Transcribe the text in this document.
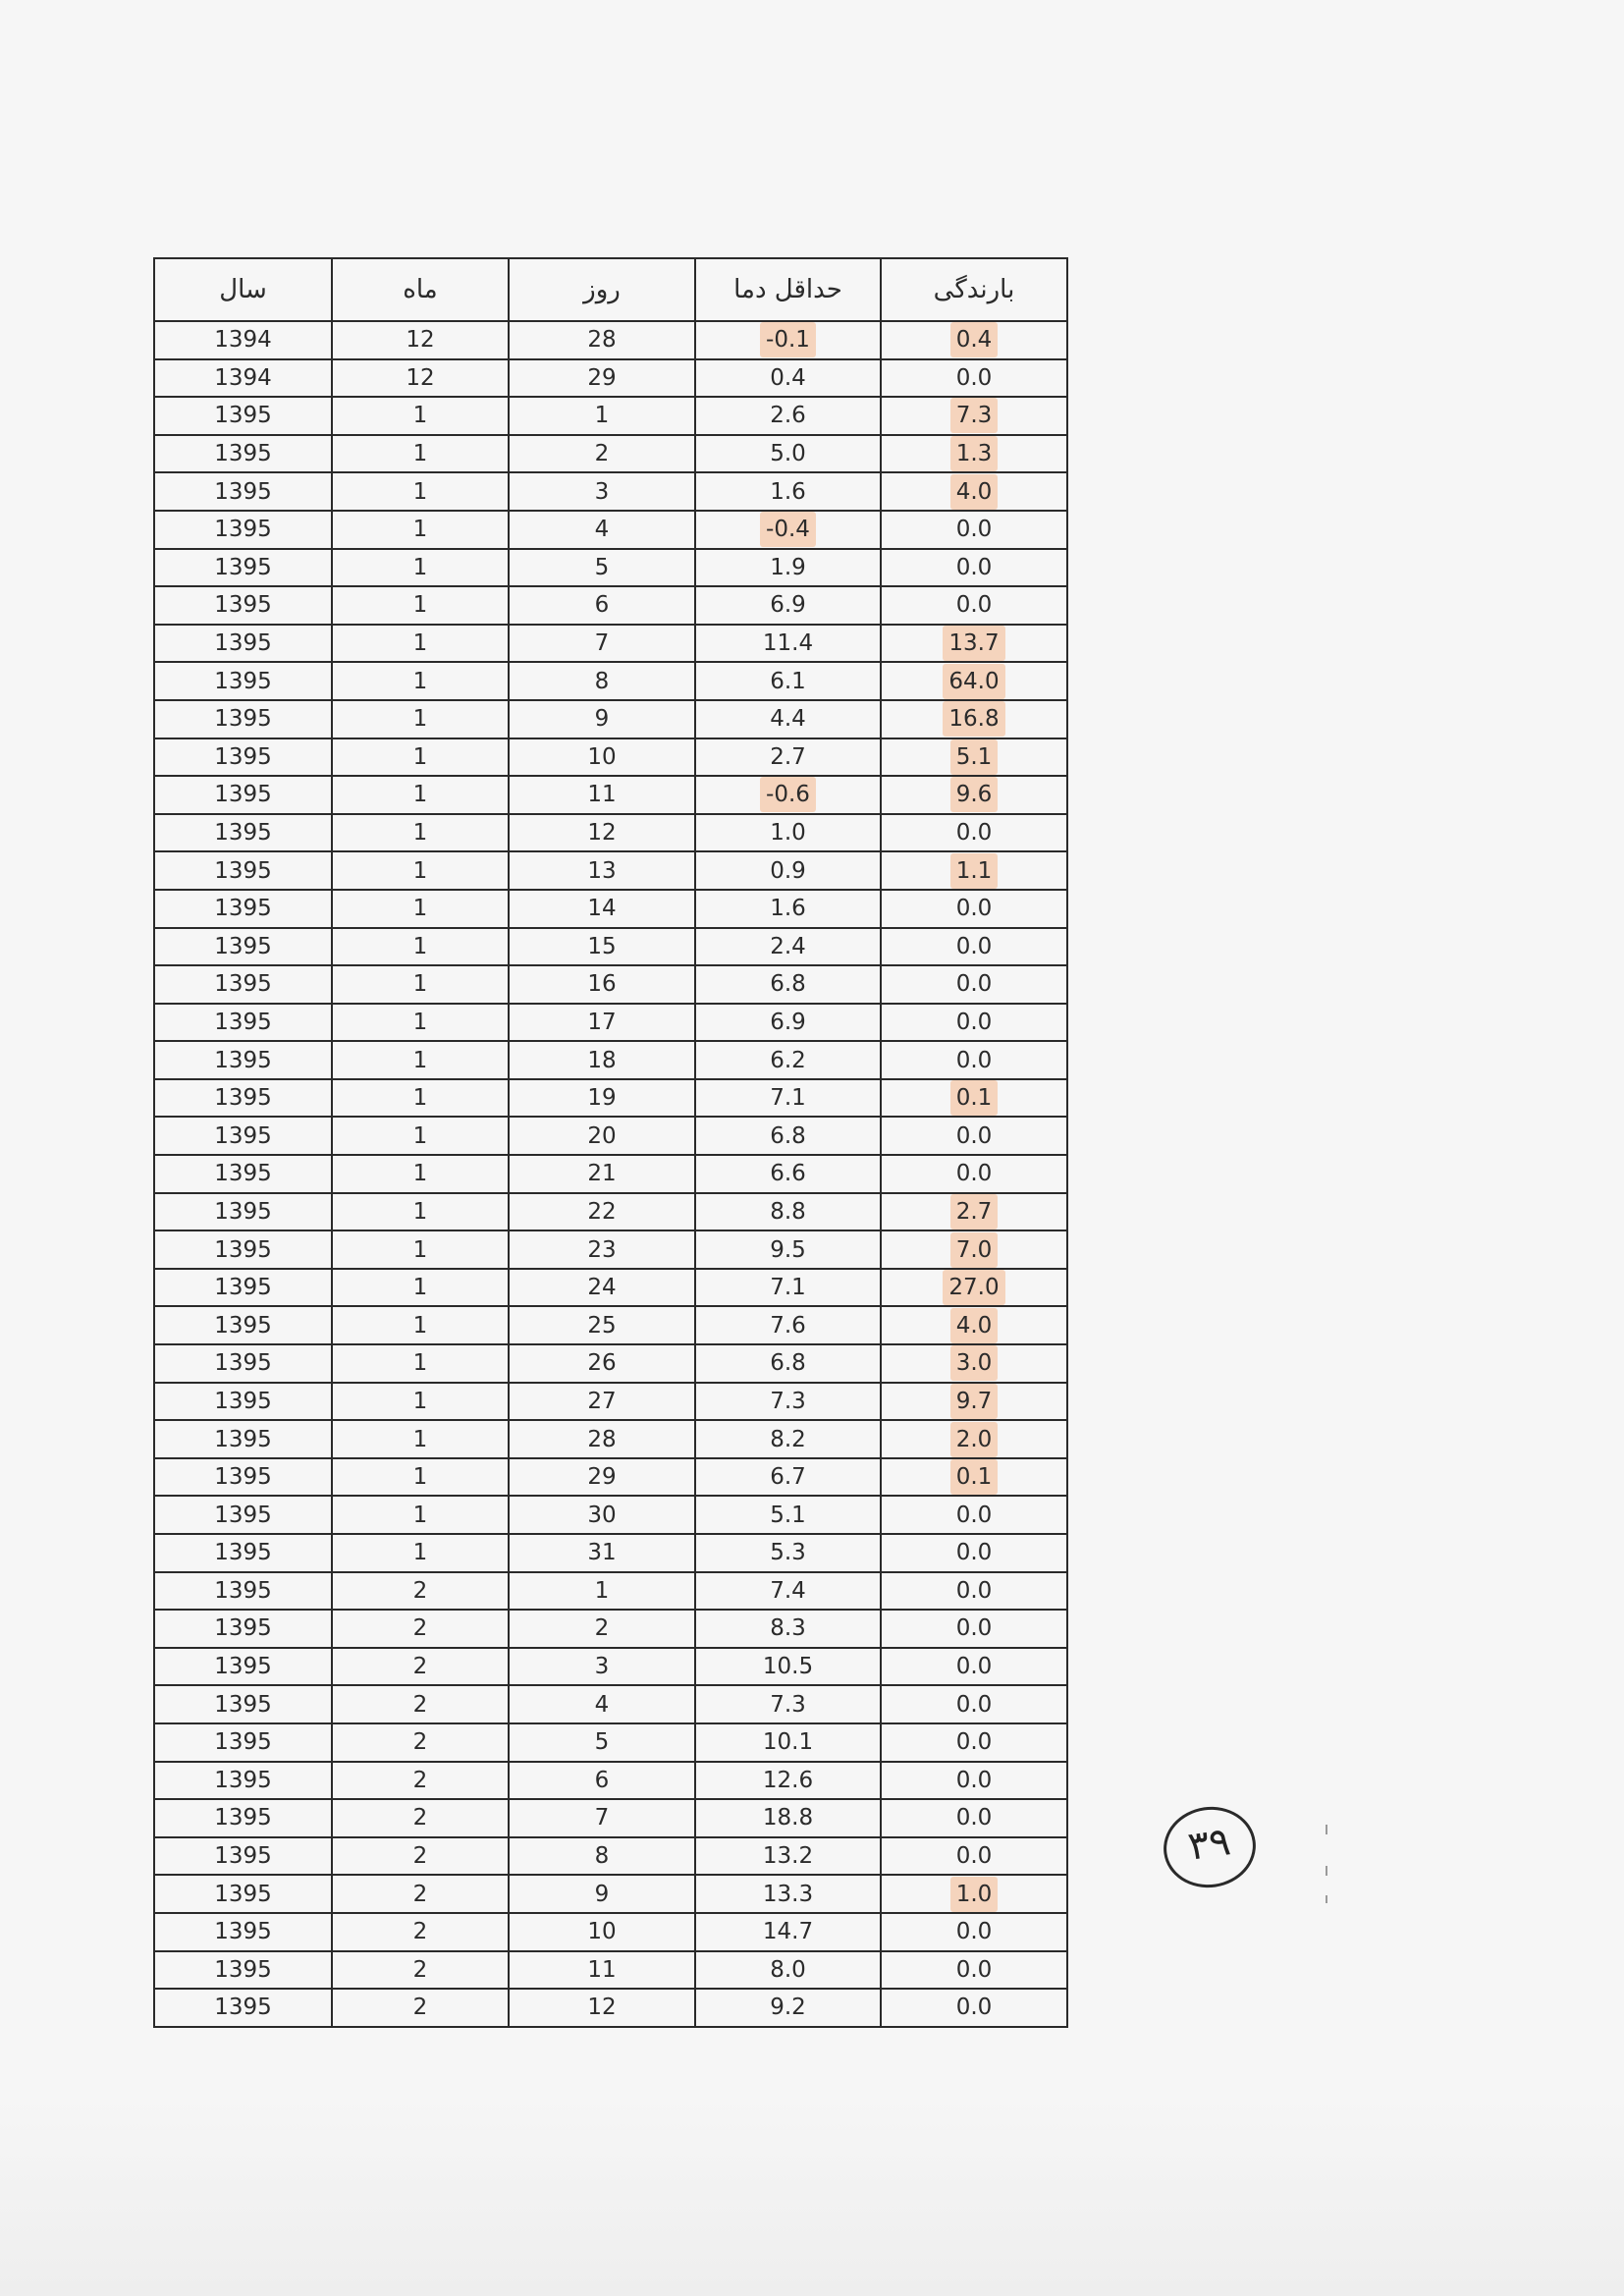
سال	ماه	روز	حداقل دما	بارندگی
1394	12	28	-0.1	0.4
1394	12	29	0.4	0.0
1395	1	1	2.6	7.3
1395	1	2	5.0	1.3
1395	1	3	1.6	4.0
1395	1	4	-0.4	0.0
1395	1	5	1.9	0.0
1395	1	6	6.9	0.0
1395	1	7	11.4	13.7
1395	1	8	6.1	64.0
1395	1	9	4.4	16.8
1395	1	10	2.7	5.1
1395	1	11	-0.6	9.6
1395	1	12	1.0	0.0
1395	1	13	0.9	1.1
1395	1	14	1.6	0.0
1395	1	15	2.4	0.0
1395	1	16	6.8	0.0
1395	1	17	6.9	0.0
1395	1	18	6.2	0.0
1395	1	19	7.1	0.1
1395	1	20	6.8	0.0
1395	1	21	6.6	0.0
1395	1	22	8.8	2.7
1395	1	23	9.5	7.0
1395	1	24	7.1	27.0
1395	1	25	7.6	4.0
1395	1	26	6.8	3.0
1395	1	27	7.3	9.7
1395	1	28	8.2	2.0
1395	1	29	6.7	0.1
1395	1	30	5.1	0.0
1395	1	31	5.3	0.0
1395	2	1	7.4	0.0
1395	2	2	8.3	0.0
1395	2	3	10.5	0.0
1395	2	4	7.3	0.0
1395	2	5	10.1	0.0
1395	2	6	12.6	0.0
1395	2	7	18.8	0.0
1395	2	8	13.2	0.0
1395	2	9	13.3	1.0
1395	2	10	14.7	0.0
1395	2	11	8.0	0.0
1395	2	12	9.2	0.0
۳۹
